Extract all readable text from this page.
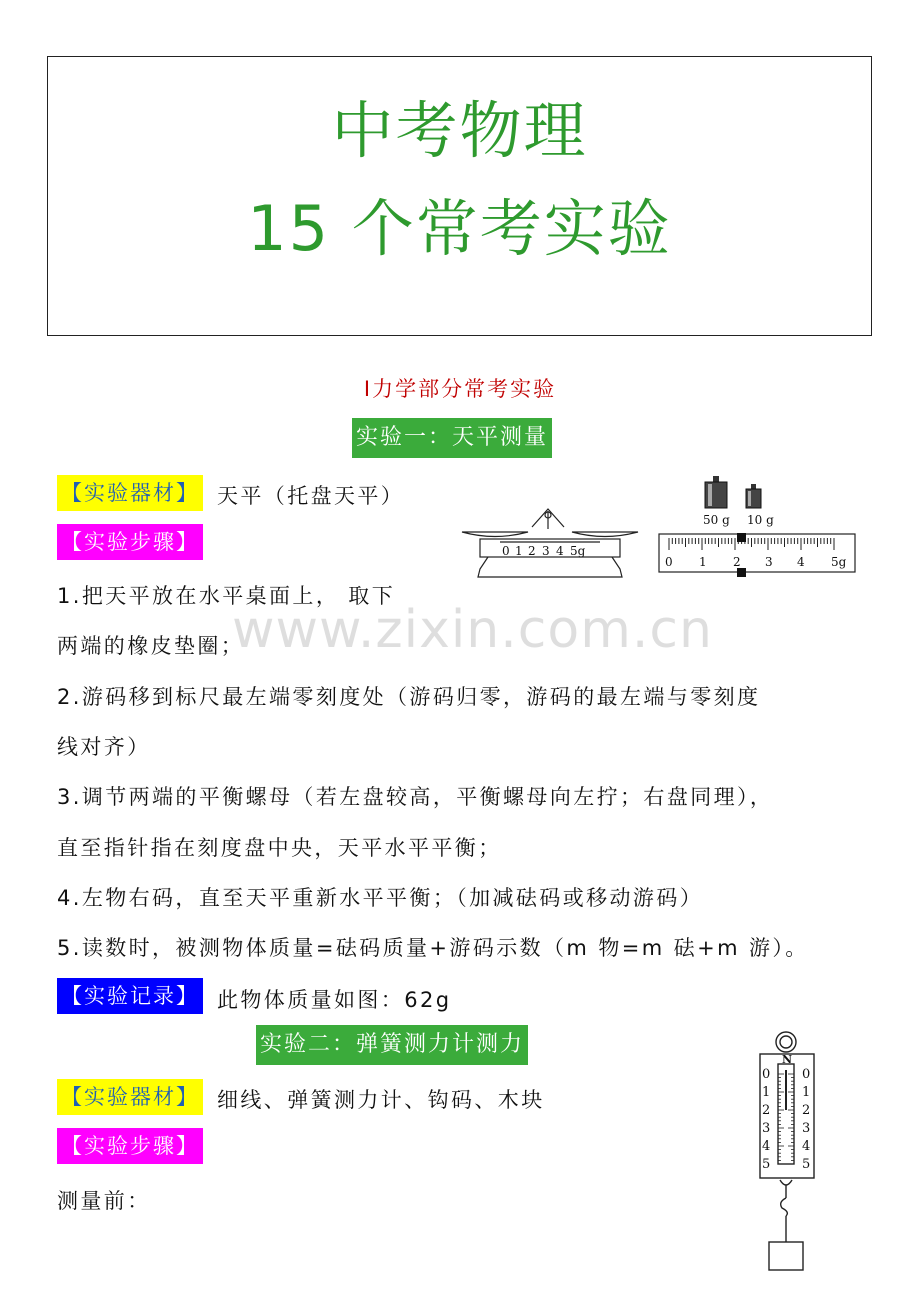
中考物理
15 个常考实验
I力学部分常考实验
实验一：天平测量
【实验器材】 天平（托盘天平）
【实验步骤】
1.把天平放在水平桌面上， 取下
两端的橡皮垫圈；
2.游码移到标尺最左端零刻度处（游码归零，游码的最左端与零刻度
线对齐）
3.调节两端的平衡螺母（若左盘较高，平衡螺母向左拧；右盘同理），
直至指针指在刻度盘中央，天平水平平衡；
4.左物右码，直至天平重新水平平衡；（加减砝码或移动游码）
5.读数时，被测物体质量=砝码质量+游码示数（m 物=m 砝+m 游）。
【实验记录】 此物体质量如图：62g
www.zixin.com.cn
0 1 2 3 4 5g
50 g 10 g
0 1 2 3 4 5g
实验二：弹簧测力计测力
【实验器材】 细线、弹簧测力计、钩码、木块
【实验步骤】
测量前：
N
0
1
2
3
4
5
0
1
2
3
4
5
